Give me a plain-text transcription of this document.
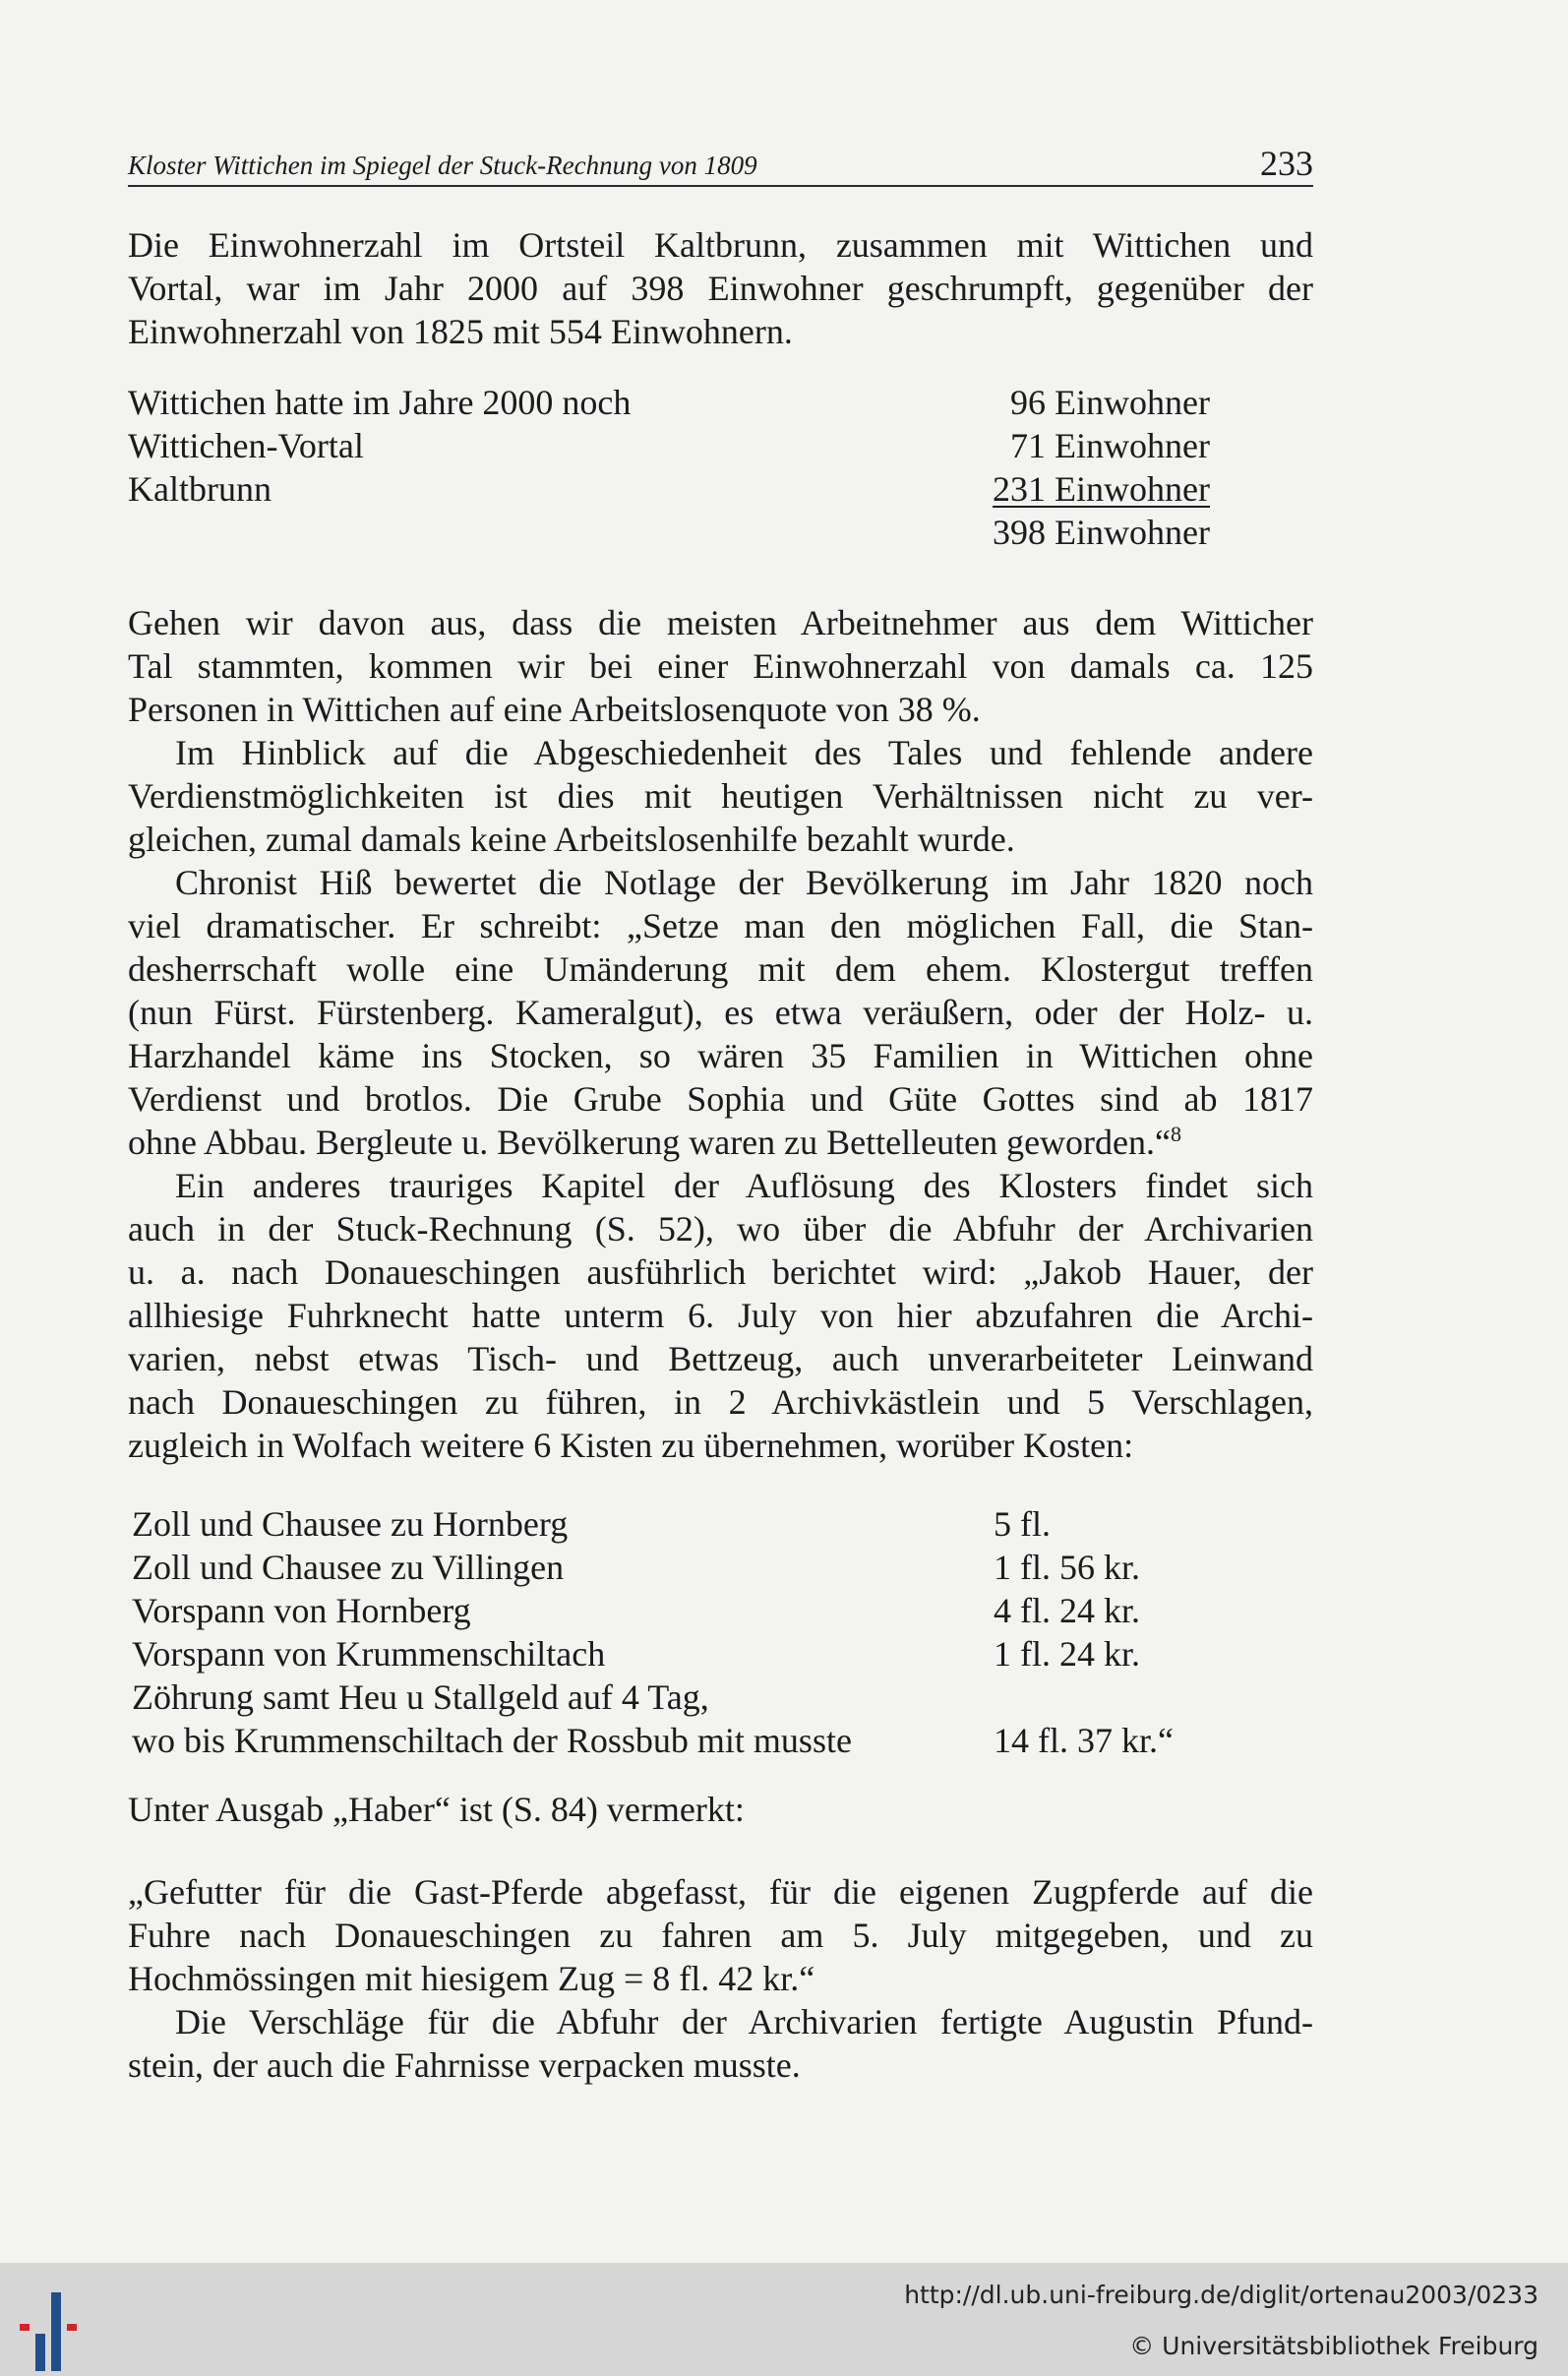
Kloster Wittichen im Spiegel der Stuck-Rechnung von 1809	233

Die Einwohnerzahl im Ortsteil Kaltbrunn, zusammen mit Wittichen und

Vortal, war im Jahr 2000 auf 398 Einwohner geschrumpft, gegenüber der

Einwohnerzahl von 1825 mit 554 Einwohnern.

Wittichen hatte im Jahre 2000 noch	96 Einwohner
Wittichen-Vortal	71 Einwohner
Kaltbrunn	231 Einwohner
398 Einwohner

Gehen wir davon aus, dass die meisten Arbeitnehmer aus dem Witticher

Tal stammten, kommen wir bei einer Einwohnerzahl von damals ca. 125

Personen in Wittichen auf eine Arbeitslosenquote von 38 %.

Im Hinblick auf die Abgeschiedenheit des Tales und fehlende andere

Verdienstmöglichkeiten ist dies mit heutigen Verhältnissen nicht zu ver-

gleichen, zumal damals keine Arbeitslosenhilfe bezahlt wurde.

Chronist Hiß bewertet die Notlage der Bevölkerung im Jahr 1820 noch

viel dramatischer. Er schreibt: „Setze man den möglichen Fall, die Stan-

desherrschaft wolle eine Umänderung mit dem ehem. Klostergut treffen

(nun Fürst. Fürstenberg. Kameralgut), es etwa veräußern, oder der Holz- u.

Harzhandel käme ins Stocken, so wären 35 Familien in Wittichen ohne

Verdienst und brotlos. Die Grube Sophia und Güte Gottes sind ab 1817

ohne Abbau. Bergleute u. Bevölkerung waren zu Bettelleuten geworden.“$^8$

Ein anderes trauriges Kapitel der Auflösung des Klosters findet sich

auch in der Stuck-Rechnung (S. 52), wo über die Abfuhr der Archivarien

u. a. nach Donaueschingen ausführlich berichtet wird: „Jakob Hauer, der

allhiesige Fuhrknecht hatte unterm 6. July von hier abzufahren die Archi-

varien, nebst etwas Tisch- und Bettzeug, auch unverarbeiteter Leinwand

nach Donaueschingen zu führen, in 2 Archivkästlein und 5 Verschlagen,

zugleich in Wolfach weitere 6 Kisten zu übernehmen, worüber Kosten:

Zoll und Chausee zu Hornberg	5 fl.
Zoll und Chausee zu Villingen	1 fl. 56 kr.
Vorspann von Hornberg	4 fl. 24 kr.
Vorspann von Krummenschiltach	1 fl. 24 kr.
Zöhrung samt Heu u Stallgeld auf 4 Tag,
wo bis Krummenschiltach der Rossbub mit musste	14 fl. 37 kr.“

Unter Ausgab „Haber“ ist (S. 84) vermerkt:

„Gefutter für die Gast-Pferde abgefasst, für die eigenen Zugpferde auf die

Fuhre nach Donaueschingen zu fahren am 5. July mitgegeben, und zu

Hochmössingen mit hiesigem Zug = 8 fl. 42 kr.“

Die Verschläge für die Abfuhr der Archivarien fertigte Augustin Pfund-

stein, der auch die Fahrnisse verpacken musste.

http://dl.ub.uni-freiburg.de/diglit/ortenau2003/0233
© Universitätsbibliothek Freiburg
